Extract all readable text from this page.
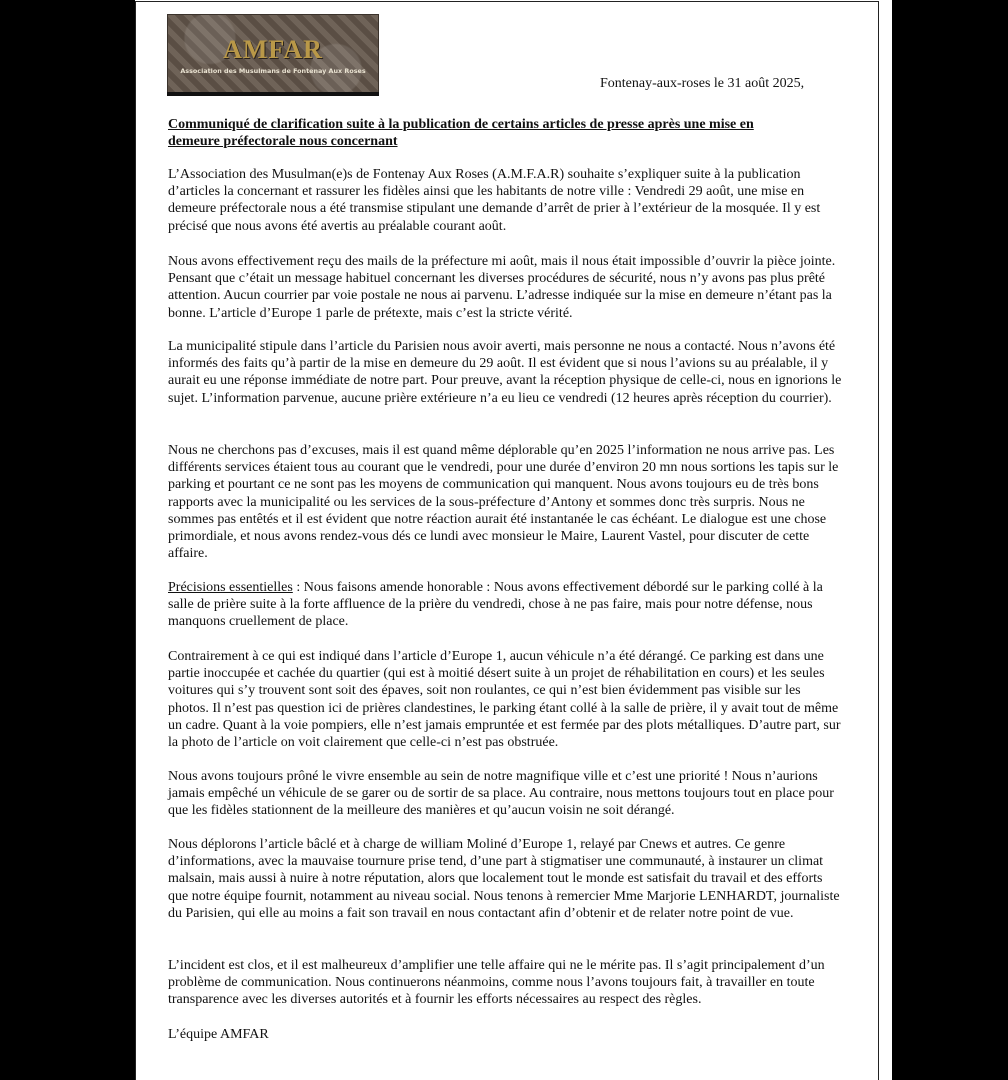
AMFAR
Association des Musulmans de Fontenay Aux Roses
Fontenay-aux-roses le 31 août 2025,
Communiqué de clarification suite à la publication de certains articles de presse après une mise en demeure préfectorale nous concernant
L’Association des Musulman(e)s de Fontenay Aux Roses (A.M.F.A.R) souhaite s’expliquer suite à la publication d’articles la concernant et rassurer les fidèles ainsi que les habitants de notre ville : Vendredi 29 août, une mise en demeure préfectorale nous a été transmise stipulant une demande d’arrêt de prier à l’extérieur de la mosquée. Il y est précisé que nous avons été avertis au préalable courant août.
Nous avons effectivement reçu des mails de la préfecture mi août, mais il nous était impossible d’ouvrir la pièce jointe. Pensant que c’était un message habituel concernant les diverses procédures de sécurité, nous n’y avons pas plus prêté attention. Aucun courrier par voie postale ne nous ai parvenu. L’adresse indiquée sur la mise en demeure n’étant pas la bonne. L’article d’Europe 1 parle de prétexte, mais c’est la stricte vérité.
La municipalité stipule dans l’article du Parisien nous avoir averti, mais personne ne nous a contacté. Nous n’avons été informés des faits qu’à partir de la mise en demeure du 29 août. Il est évident que si nous l’avions su au préalable, il y aurait eu une réponse immédiate de notre part. Pour preuve, avant la réception physique de celle-ci, nous en ignorions le sujet. L’information parvenue, aucune prière extérieure n’a eu lieu ce vendredi (12 heures après réception du courrier).
Nous ne cherchons pas d’excuses, mais il est quand même déplorable qu’en 2025 l’information ne nous arrive pas. Les différents services étaient tous au courant que le vendredi, pour une durée d’environ 20 mn nous sortions les tapis sur le parking et pourtant ce ne sont pas les moyens de communication qui manquent. Nous avons toujours eu de très bons rapports avec la municipalité ou les services de la sous-préfecture d’Antony et sommes donc très surpris. Nous ne sommes pas entêtés et il est évident que notre réaction aurait été instantanée le cas échéant. Le dialogue est une chose primordiale, et nous avons rendez-vous dés ce lundi avec monsieur le Maire, Laurent Vastel, pour discuter de cette affaire.
Précisions essentielles : Nous faisons amende honorable : Nous avons effectivement débordé sur le parking collé à la salle de prière suite à la forte affluence de la prière du vendredi, chose à ne pas faire, mais pour notre défense, nous manquons cruellement de place.
Contrairement à ce qui est indiqué dans l’article d’Europe 1, aucun véhicule n’a été dérangé. Ce parking est dans une partie inoccupée et cachée du quartier (qui est à moitié désert suite à un projet de réhabilitation en cours) et les seules voitures qui s’y trouvent sont soit des épaves, soit non roulantes, ce qui n’est bien évidemment pas visible sur les photos. Il n’est pas question ici de prières clandestines, le parking étant collé à la salle de prière, il y avait tout de même un cadre. Quant à la voie pompiers, elle n’est jamais empruntée et est fermée par des plots métalliques. D’autre part, sur la photo de l’article on voit clairement que celle-ci n’est pas obstruée.
Nous avons toujours prôné le vivre ensemble au sein de notre magnifique ville et c’est une priorité ! Nous n’aurions jamais empêché un véhicule de se garer ou de sortir de sa place. Au contraire, nous mettons toujours tout en place pour que les fidèles stationnent de la meilleure des manières et qu’aucun voisin ne soit dérangé.
Nous déplorons l’article bâclé et à charge de william Moliné d’Europe 1, relayé par Cnews et autres. Ce genre d’informations, avec la mauvaise tournure prise tend, d’une part à stigmatiser une communauté, à instaurer un climat malsain, mais aussi à nuire à notre réputation, alors que localement tout le monde est satisfait du travail et des efforts que notre équipe fournit, notamment au niveau social. Nous tenons à remercier Mme Marjorie LENHARDT, journaliste du Parisien, qui elle au moins a fait son travail en nous contactant afin d’obtenir et de relater notre point de vue.
L’incident est clos, et il est malheureux d’amplifier une telle affaire qui ne le mérite pas. Il s’agit principalement d’un problème de communication. Nous continuerons néanmoins, comme nous l’avons toujours fait, à travailler en toute transparence avec les diverses autorités et à fournir les efforts nécessaires au respect des règles.
L’équipe AMFAR
